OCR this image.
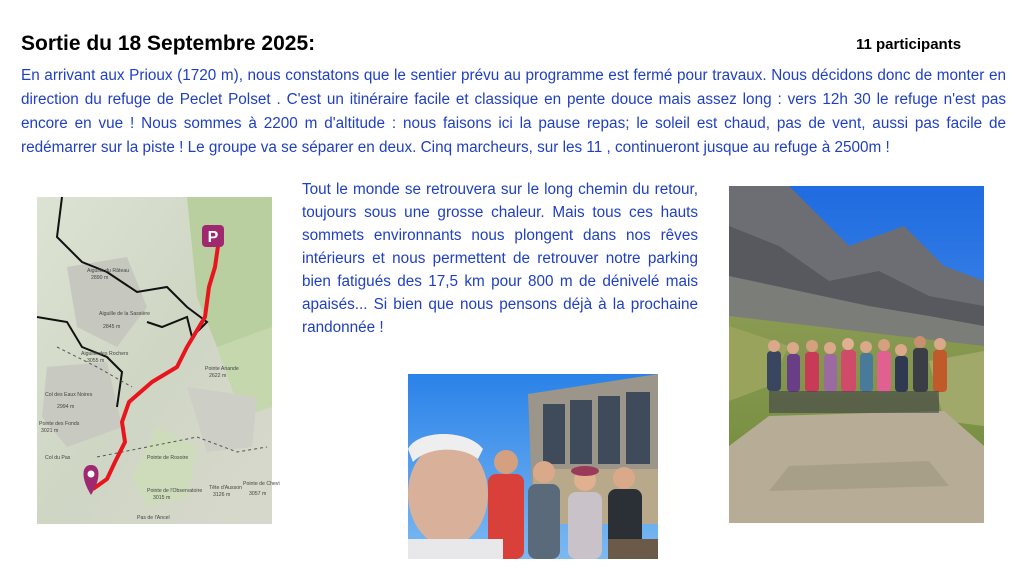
Sortie du 18 Septembre 2025:	11 participants
En arrivant aux Prioux (1720 m), nous constatons que le sentier prévu au programme est fermé pour travaux. Nous décidons donc de monter en direction du refuge de Peclet Polset . C'est un itinéraire facile et classique en pente douce mais assez long : vers 12h 30 le refuge n'est pas encore en vue ! Nous sommes à 2200 m d'altitude : nous faisons ici la pause repas; le soleil est chaud, pas de vent, aussi pas facile de redémarrer sur la piste ! Le groupe va se séparer en deux. Cinq marcheurs, sur les 11 , continueront jusque au refuge à 2500m !
Tout le monde se retrouvera sur le long chemin du retour, toujours sous une grosse chaleur. Mais tous ces hauts sommets environnants nous plongent dans nos rêves intérieurs et nous permettent de retrouver notre parking bien fatigués des 17,5 km pour 800 m de dénivelé mais apaisés... Si bien que nous pensons déjà à la prochaine randonnée !
Aiguille du Râteau
2890 m
Aiguille de la Sassière
2845 m
Aiguille des Rochers
3055 m
Col des Eaux Noires
2994 m
Pointe des Fonds
3021 m
Pointe Ariande
2622 m
Pointe de Rosoire
Pointe de l'Observatoire
3015 m
Tête d'Ausson
3126 m	3057 m
Pointe de Chevi
Pas de l'Ancel
Col du Pas
P
